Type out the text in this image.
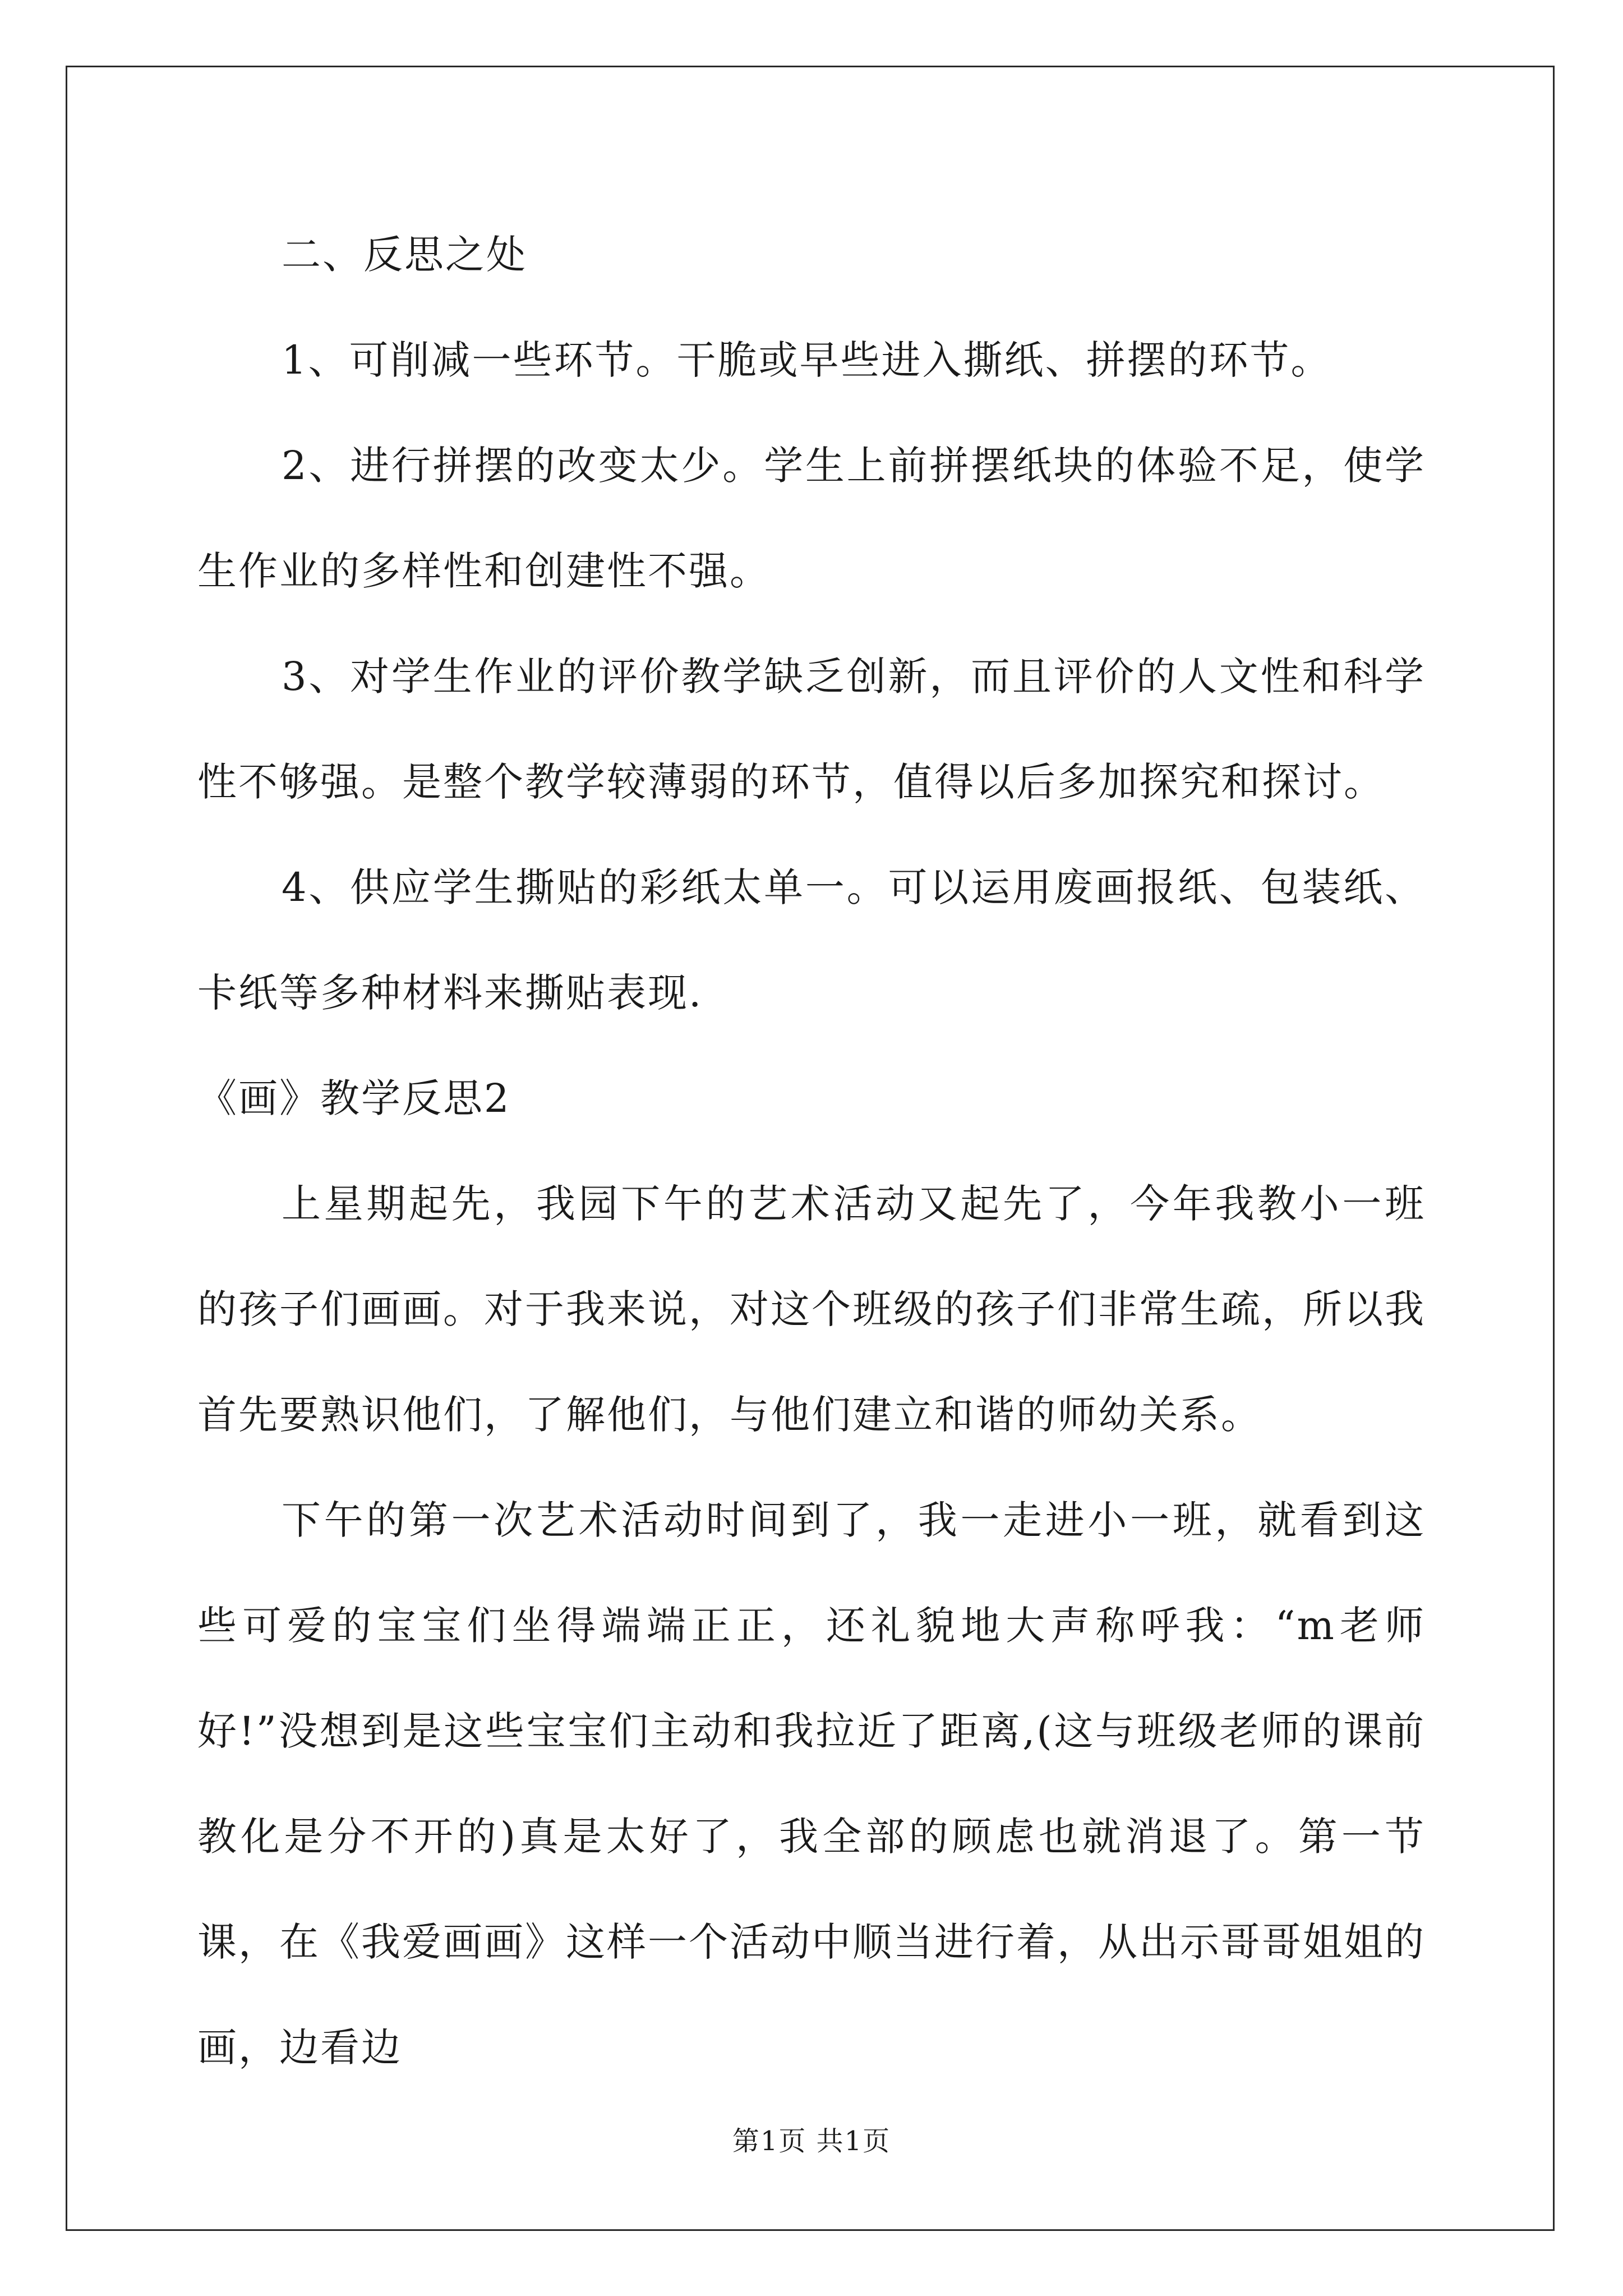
二、反思之处

1、可削减一些环节。干脆或早些进入撕纸、拼摆的环节。

2、进行拼摆的改变太少。学生上前拼摆纸块的体验不足，使学生作业的多样性和创建性不强。

3、对学生作业的评价教学缺乏创新，而且评价的人文性和科学性不够强。是整个教学较薄弱的环节，值得以后多加探究和探讨。

4、供应学生撕贴的彩纸太单一。可以运用废画报纸、包装纸、卡纸等多种材料来撕贴表现.

《画》教学反思2

上星期起先，我园下午的艺术活动又起先了，今年我教小一班的孩子们画画。对于我来说，对这个班级的孩子们非常生疏，所以我首先要熟识他们，了解他们，与他们建立和谐的师幼关系。

下午的第一次艺术活动时间到了，我一走进小一班，就看到这些可爱的宝宝们坐得端端正正，还礼貌地大声称呼我：“m老师好!”没想到是这些宝宝们主动和我拉近了距离,(这与班级老师的课前教化是分不开的)真是太好了，我全部的顾虑也就消退了。第一节课，在《我爱画画》这样一个活动中顺当进行着，从出示哥哥姐姐的画，边看边

第1页 共1页
